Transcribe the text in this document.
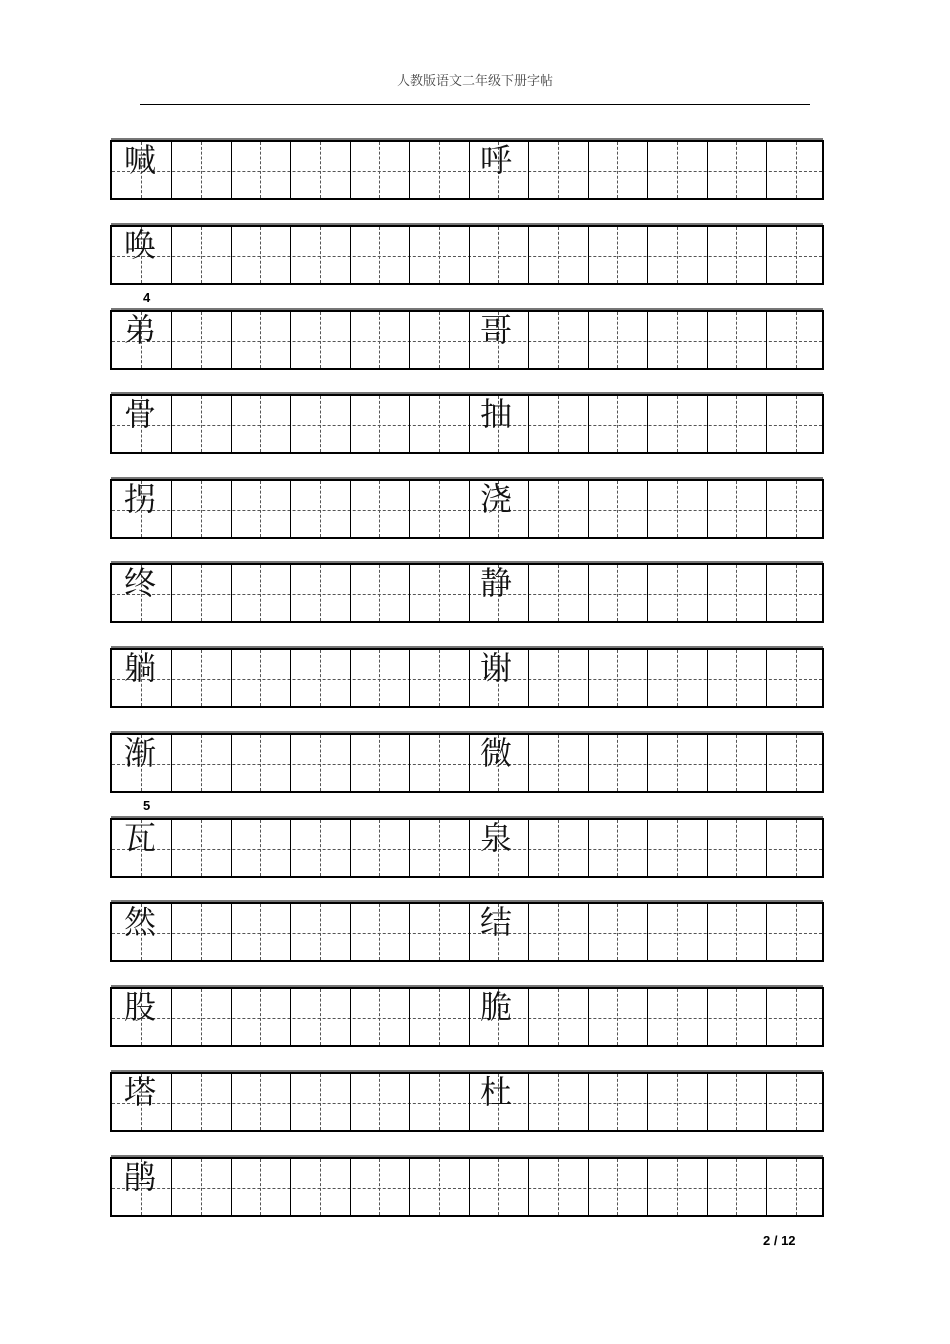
人教版语文二年级下册字帖
喊	呼
唤
弟	哥
4
骨	抽
拐	浇
终	静
躺	谢
渐	微
瓦	泉
5
然	结
股	脆
塔	杜
鹃
2 / 12
